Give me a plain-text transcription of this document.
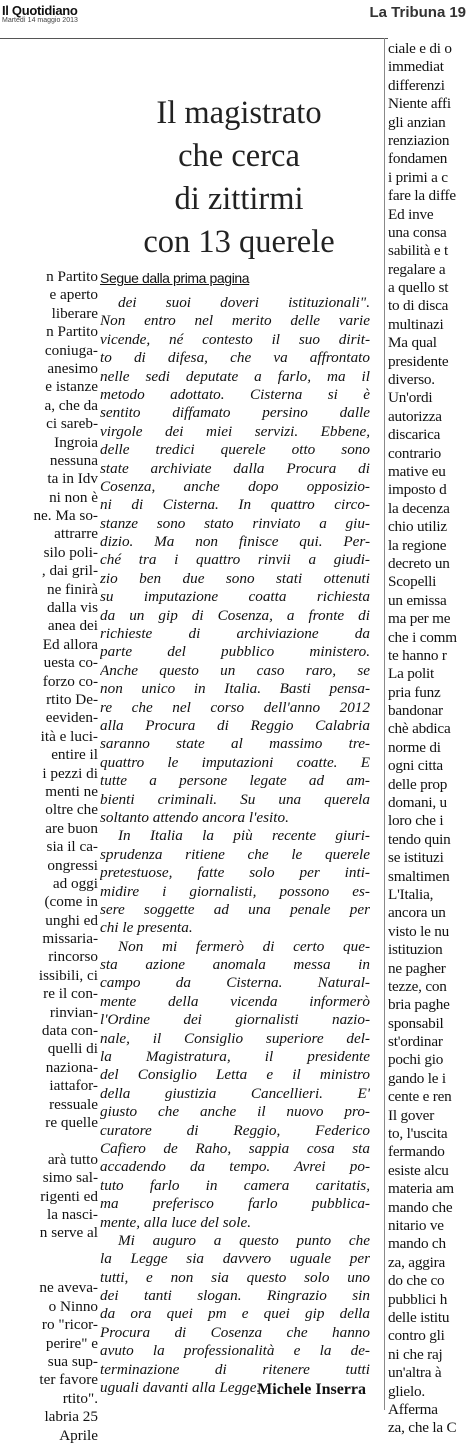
Il Quotidiano
Martedì 14 maggio 2013	La Tribuna 19
n Partito
e aperto
liberare
n Partito
coniuga-
anesimo
e istanze
a, che da
ci sareb-
Ingroia
nessuna
ta in Idv
ni non è
ne. Ma so-
attrarre
silo poli-
, dai gril-
ne finirà
dalla vis
anea dei
Ed allora
uesta co-
forzo co-
rtito De-
eeviden-
ità e luci-
entire il
i pezzi di
menti ne
oltre che
are buon
sia il ca-
ongressi
ad oggi
(come in
unghi ed
missaria-
rincorso
issibili, ci
re il con-
rinvian-
data con-
quelli di
naziona-
iattafor-
ressuale
re quelle
arà tutto
simo sal-
rigenti ed
la nasci-
n serve al
ne aveva-
o Ninno
ro "ricor-
perire" e
sua sup-
ter favore
rtito".
labria 25
Aprile
Il magistrato
che cerca
di zittirmi
con 13 querele
Segue dalla prima pagina
dei suoi doveri istituzionali".
Non entro nel merito delle varie
vicende, né contesto il suo dirit-
to di difesa, che va affrontato
nelle sedi deputate a farlo, ma il
metodo adottato. Cisterna si è
sentito diffamato persino dalle
virgole dei miei servizi. Ebbene,
delle tredici querele otto sono
state archiviate dalla Procura di
Cosenza, anche dopo opposizio-
ni di Cisterna. In quattro circo-
stanze sono stato rinviato a giu-
dizio. Ma non finisce qui. Per-
ché tra i quattro rinvii a giudi-
zio ben due sono stati ottenuti
su imputazione coatta richiesta
da un gip di Cosenza, a fronte di
richieste di archiviazione da
parte del pubblico ministero.
Anche questo un caso raro, se
non unico in Italia. Basti pensa-
re che nel corso dell'anno 2012
alla Procura di Reggio Calabria
saranno state al massimo tre-
quattro le imputazioni coatte. E
tutte a persone legate ad am-
bienti criminali. Su una querela
soltanto attendo ancora l'esito.
In Italia la più recente giuri-
sprudenza ritiene che le querele
pretestuose, fatte solo per inti-
midire i giornalisti, possono es-
sere soggette ad una penale per
chi le presenta.
Non mi fermerò di certo que-
sta azione anomala messa in
campo da Cisterna. Natural-
mente della vicenda informerò
l'Ordine dei giornalisti nazio-
nale, il Consiglio superiore del-
la Magistratura, il presidente
del Consiglio Letta e il ministro
della giustizia Cancellieri. E'
giusto che anche il nuovo pro-
curatore di Reggio, Federico
Cafiero de Raho, sappia cosa sta
accadendo da tempo. Avrei po-
tuto farlo in camera caritatis,
ma preferisco farlo pubblica-
mente, alla luce del sole.
Mi auguro a questo punto che
la Legge sia davvero uguale per
tutti, e non sia questo solo uno
dei tanti slogan. Ringrazio sin
da ora quei pm e quei gip della
Procura di Cosenza che hanno
avuto la professionalità e la de-
terminazione di ritenere tutti
uguali davanti alla Legge.
Michele Inserra
ciale e di o
immediat
differenzi
Niente affi
gli anzian
renziazion
fondamen
i primi a c
fare la diffe
Ed inve
una consa
sabilità e t
regalare a
a quello st
to di disca
multinazi
Ma qual
presidente
diverso.
Un'ordi
autorizza
discarica
contrario
mative eu
imposto d
la decenza
chio utiliz
la regione
decreto un
Scopelli
un emissa
ma per me
che i comm
te hanno r
La polit
pria funz
bandonar
chè abdica
norme di
ogni citta
delle prop
domani, u
loro che i
tendo quin
se istituzi
smaltimen
L'Italia,
ancora un
visto le nu
istituzion
ne pagher
tezze, con
bria paghe
sponsabil
st'ordinar
pochi gio
gando le i
cente e ren
Il gover
to, l'uscita
fermando
esiste alcu
materia am
mando che
nitario ve
mando ch
za, aggira
do che co
pubblici h
delle istitu
contro gli
ni che raj
un'altra à
glielo.
Afferma
za, che la C
